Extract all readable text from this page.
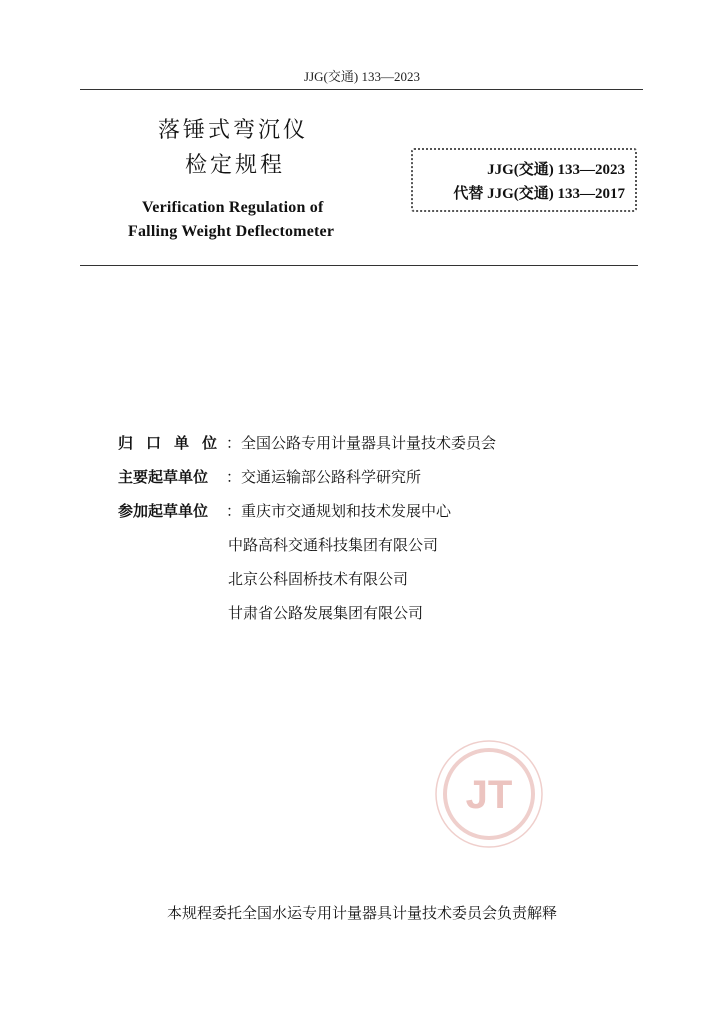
JJG(交通) 133—2023
落锤式弯沉仪
检定规程
Verification Regulation of
Falling Weight Deflectometer
JJG(交通) 133—2023
代替 JJG(交通) 133—2017
归口单位：全国公路专用计量器具计量技术委员会
主要起草单位 ：交通运输部公路科学研究所
参加起草单位 ：重庆市交通规划和技术发展中心
中路高科交通科技集团有限公司
北京公科固桥技术有限公司
甘肃省公路发展集团有限公司
JT
本规程委托全国水运专用计量器具计量技术委员会负责解释
